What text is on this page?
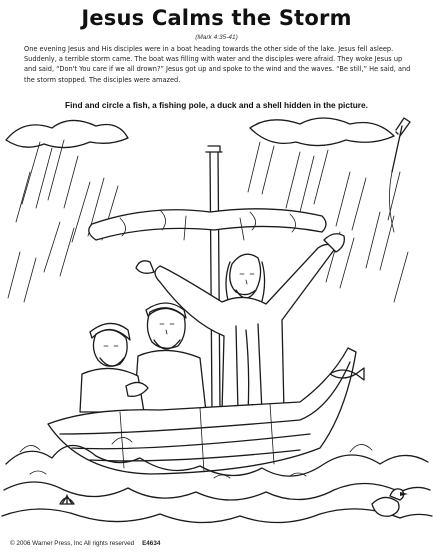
Jesus Calms the Storm
(Mark 4:35-41)
One evening Jesus and His disciples were in a boat heading towards the other side of the lake. Jesus fell asleep. Suddenly, a terrible storm came. The boat was filling with water and the disciples were afraid. They woke Jesus up and said, “Don't You care if we all drown?” Jesus got up and spoke to the wind and the waves. “Be still,” He said, and the storm stopped. The disciples were amazed.
Find and circle a fish, a fishing pole, a duck and a shell hidden in the picture.
© 2006 Warner Press, Inc All rights reserved E4634
